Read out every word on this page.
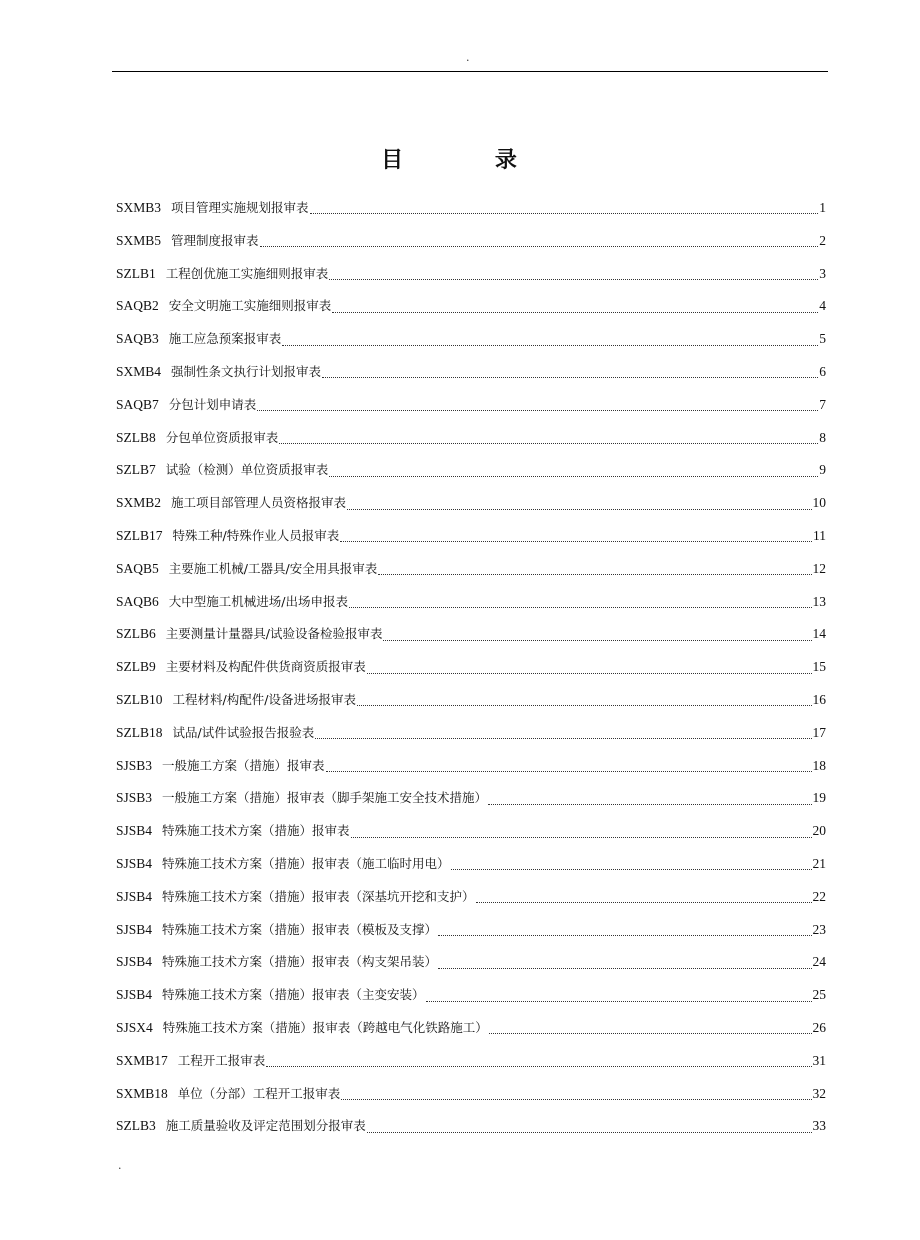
.
目 录
SXMB3 项目管理实施规划报审表	1
SXMB5 管理制度报审表	2
SZLB1 工程创优施工实施细则报审表	3
SAQB2 安全文明施工实施细则报审表	4
SAQB3 施工应急预案报审表	5
SXMB4 强制性条文执行计划报审表	6
SAQB7 分包计划申请表	7
SZLB8 分包单位资质报审表	8
SZLB7 试验（检测）单位资质报审表	9
SXMB2 施工项目部管理人员资格报审表	10
SZLB17 特殊工种/特殊作业人员报审表	11
SAQB5 主要施工机械/工器具/安全用具报审表	12
SAQB6 大中型施工机械进场/出场申报表	13
SZLB6 主要测量计量器具/试验设备检验报审表	14
SZLB9 主要材料及构配件供货商资质报审表	15
SZLB10 工程材料/构配件/设备进场报审表	16
SZLB18 试品/试件试验报告报验表	17
SJSB3 一般施工方案（措施）报审表	18
SJSB3 一般施工方案（措施）报审表（脚手架施工安全技术措施）	19
SJSB4 特殊施工技术方案（措施）报审表	20
SJSB4 特殊施工技术方案（措施）报审表（施工临时用电）	21
SJSB4 特殊施工技术方案（措施）报审表（深基坑开挖和支护）	22
SJSB4 特殊施工技术方案（措施）报审表（模板及支撑）	23
SJSB4 特殊施工技术方案（措施）报审表（构支架吊装）	24
SJSB4 特殊施工技术方案（措施）报审表（主变安装）	25
SJSX4 特殊施工技术方案（措施）报审表（跨越电气化铁路施工）	26
SXMB17 工程开工报审表	31
SXMB18 单位（分部）工程开工报审表	32
SZLB3 施工质量验收及评定范围划分报审表	33
.
